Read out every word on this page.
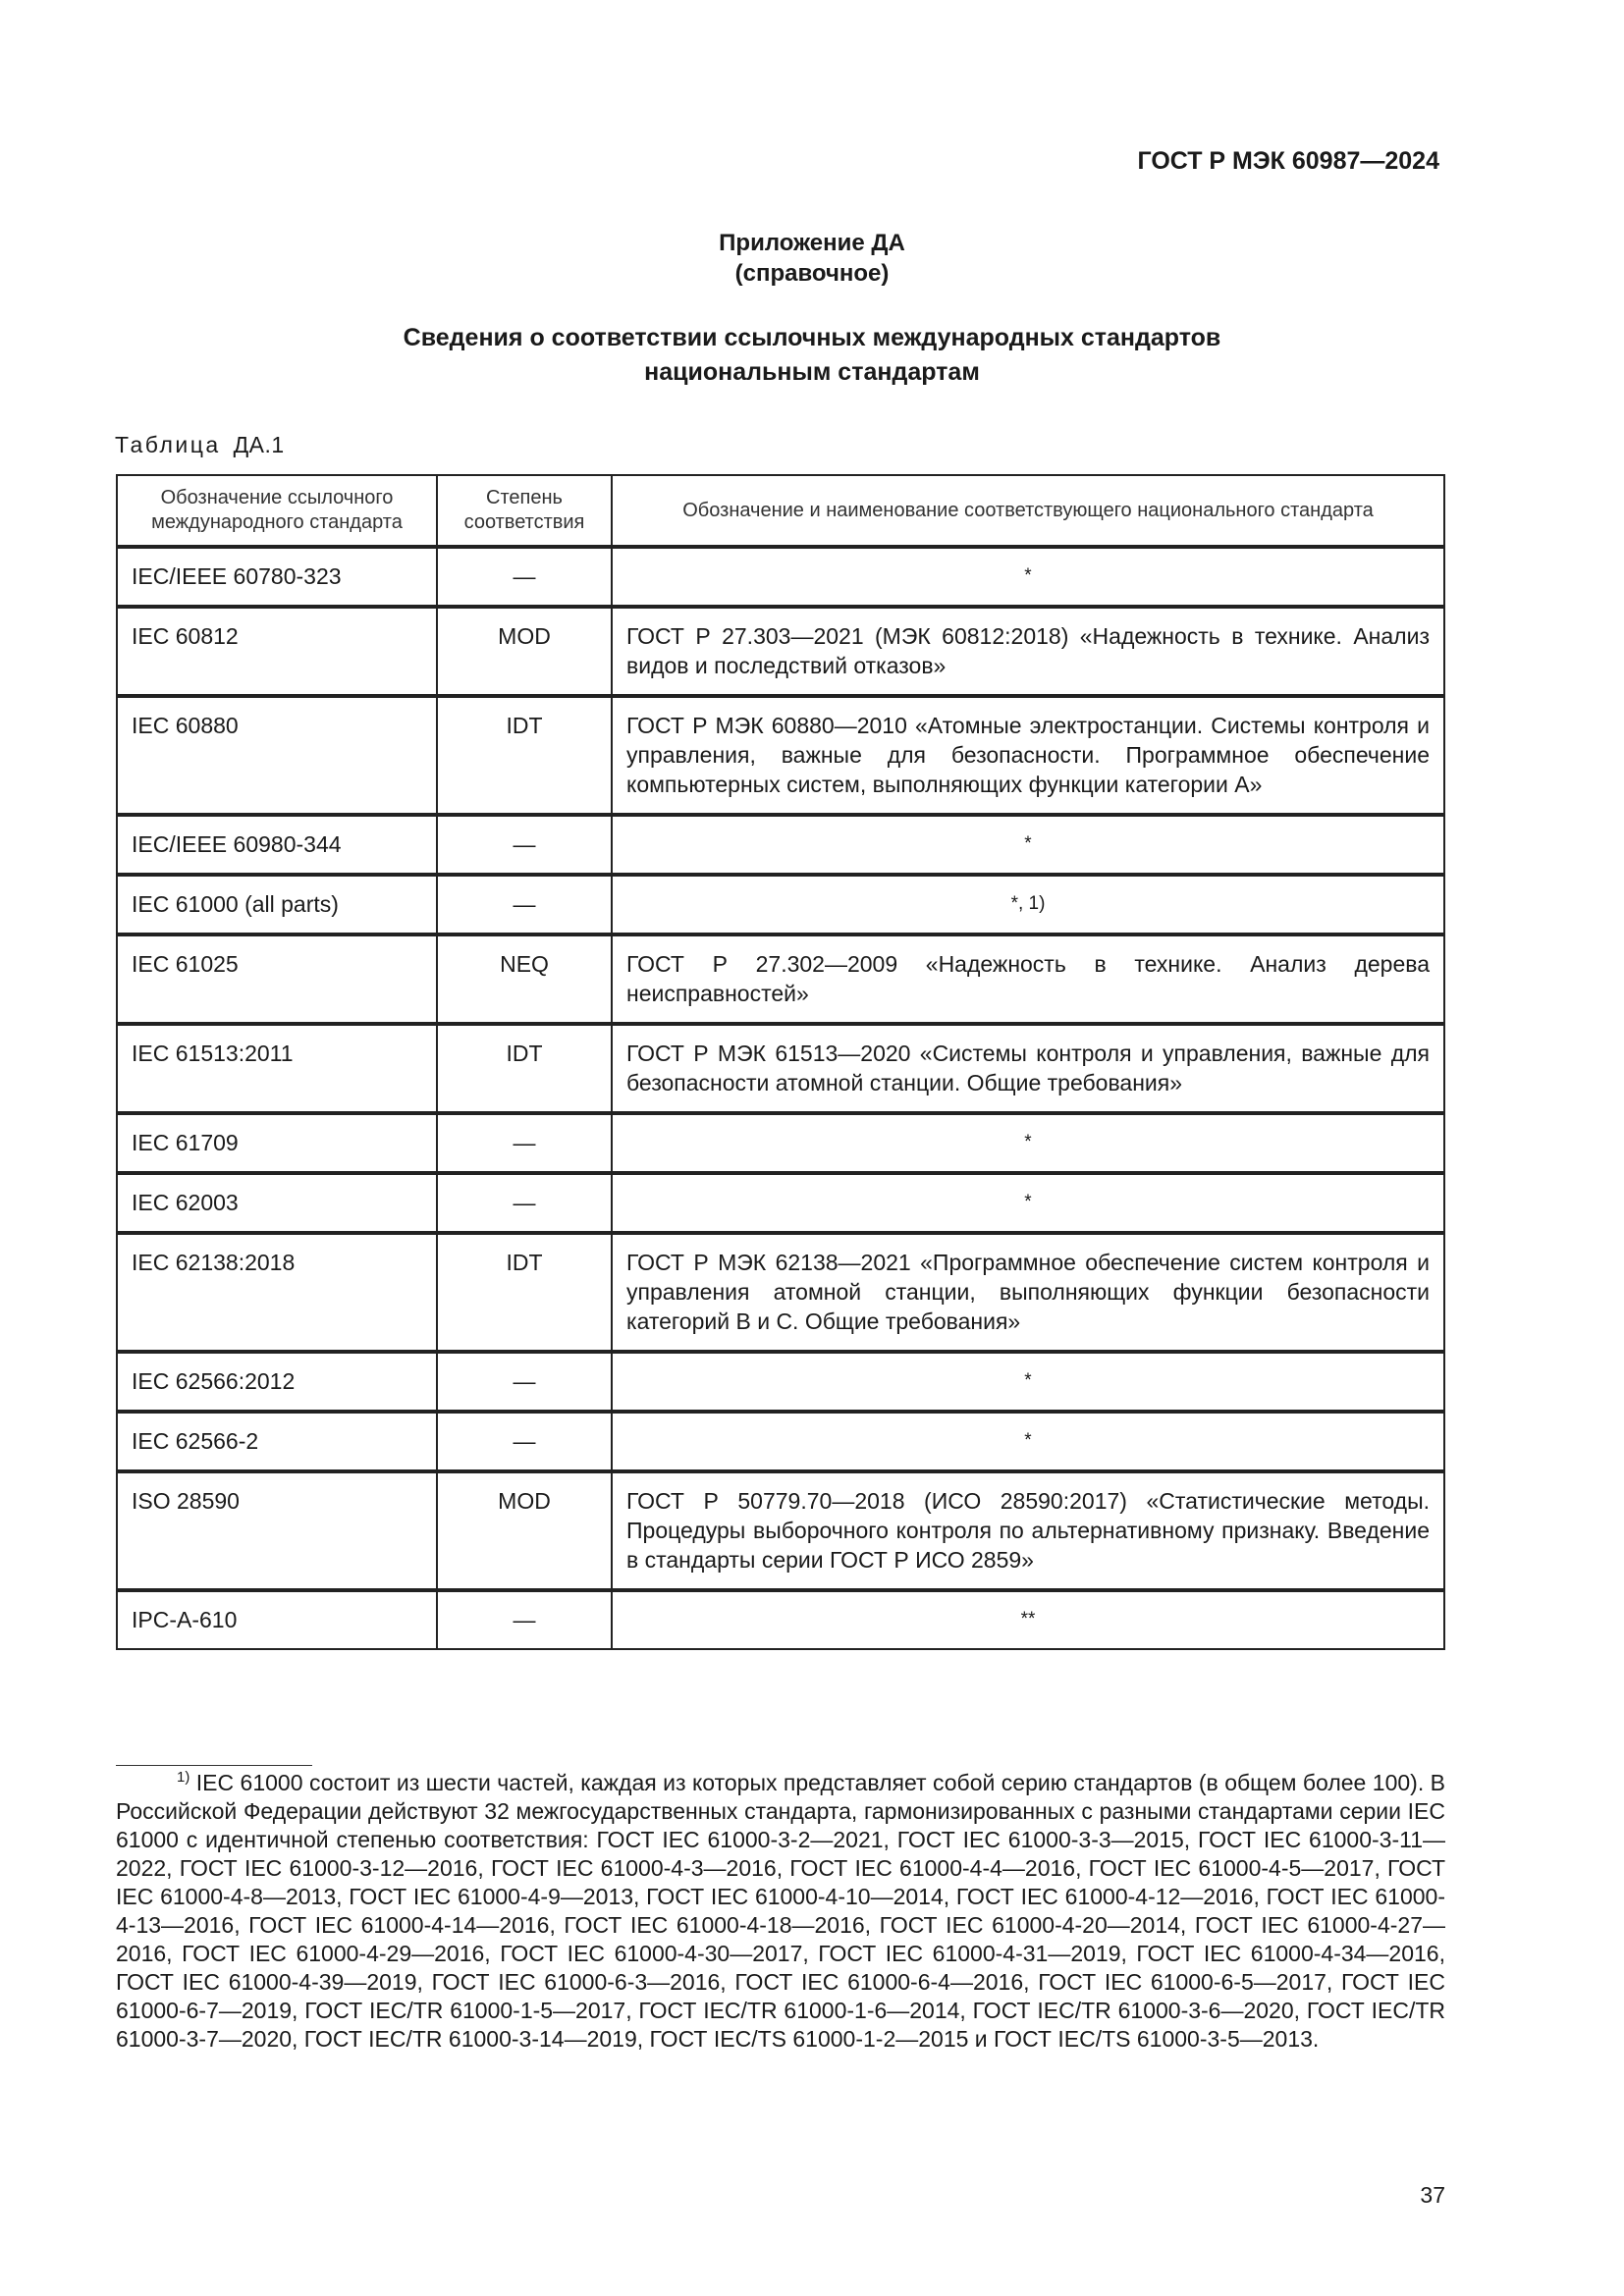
ГОСТ Р МЭК 60987—2024
Приложение ДА
(справочное)
Сведения о соответствии ссылочных международных стандартов
национальным стандартам
Таблица ДА.1
Обозначение ссылочного международного стандарта	Степень соответствия	Обозначение и наименование соответствующего национального стандарта
IEC/IEEE 60780-323	—	*
IEC 60812	MOD	ГОСТ Р 27.303—2021 (МЭК 60812:2018) «Надежность в технике. Анализ видов и последствий отказов»
IEC 60880	IDT	ГОСТ Р МЭК 60880—2010 «Атомные электростанции. Системы контроля и управления, важные для безопасности. Программное обеспечение компьютерных систем, выполняющих функции категории А»
IEC/IEEE 60980-344	—	*
IEC 61000 (all parts)	—	*, 1)
IEC 61025	NEQ	ГОСТ Р 27.302—2009 «Надежность в технике. Анализ дерева неисправностей»
IEC 61513:2011	IDT	ГОСТ Р МЭК 61513—2020 «Системы контроля и управления, важные для безопасности атомной станции. Общие требования»
IEC 61709	—	*
IEC 62003	—	*
IEC 62138:2018	IDT	ГОСТ Р МЭК 62138—2021 «Программное обеспечение систем контроля и управления атомной станции, выполняющих функции безопасности категорий В и С. Общие требования»
IEC 62566:2012	—	*
IEC 62566-2	—	*
ISO 28590	MOD	ГОСТ Р 50779.70—2018 (ИСО 28590:2017) «Статистические методы. Процедуры выборочного контроля по альтернативному признаку. Введение в стандарты серии ГОСТ Р ИСО 2859»
IPC-A-610	—	**
$^{1)}$ IEC 61000 состоит из шести частей, каждая из которых представляет собой серию стандартов (в общем более 100). В Российской Федерации действуют 32 межгосударственных стандарта, гармонизированных с разными стандартами серии IEC 61000 с идентичной степенью соответствия: ГОСТ IEC 61000-3-2—2021, ГОСТ IEC 61000-3-3—2015, ГОСТ IEC 61000-3-11—2022, ГОСТ IEC 61000-3-12—2016, ГОСТ IEC 61000-4-3—2016, ГОСТ IEC 61000-4-4—2016, ГОСТ IEC 61000-4-5—2017, ГОСТ IEC 61000-4-8—2013, ГОСТ IEC 61000-4-9—2013, ГОСТ IEC 61000-4-10—2014, ГОСТ IEC 61000-4-12—2016, ГОСТ IEC 61000-4-13—2016, ГОСТ IEC 61000-4-14—2016, ГОСТ IEC 61000-4-18—2016, ГОСТ IEC 61000-4-20—2014, ГОСТ IEC 61000-4-27—2016, ГОСТ IEC 61000-4-29—2016, ГОСТ IEC 61000-4-30—2017, ГОСТ IEC 61000-4-31—2019, ГОСТ IEC 61000-4-34—2016, ГОСТ IEC 61000-4-39—2019, ГОСТ IEC 61000-6-3—2016, ГОСТ IEC 61000-6-4—2016, ГОСТ IEC 61000-6-5—2017, ГОСТ IEC 61000-6-7—2019, ГОСТ IEC/TR 61000-1-5—2017, ГОСТ IEC/TR 61000-1-6—2014, ГОСТ IEC/TR 61000-3-6—2020, ГОСТ IEC/TR 61000-3-7—2020, ГОСТ IEC/TR 61000-3-14—2019, ГОСТ IEC/TS 61000-1-2—2015 и ГОСТ IEC/TS 61000-3-5—2013.
37
